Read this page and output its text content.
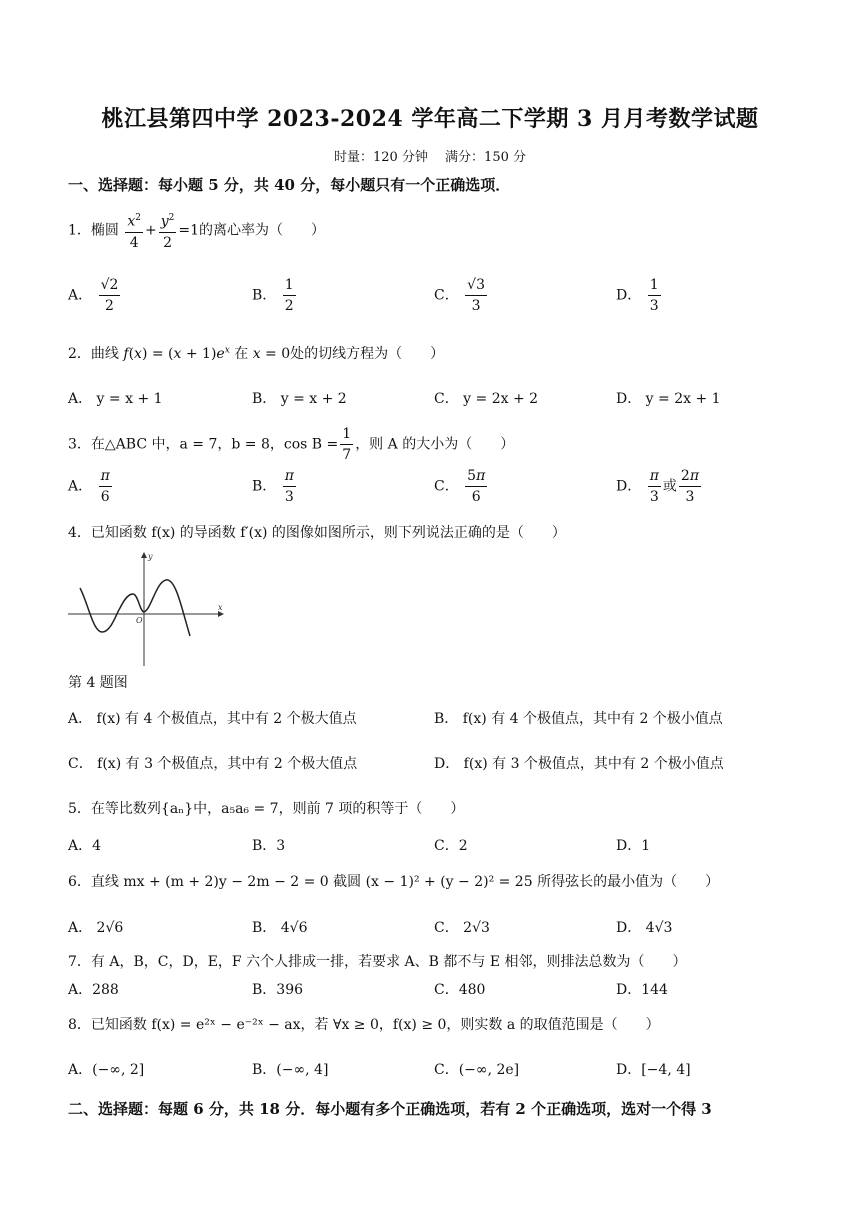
桃江县第四中学 2023-2024 学年高二下学期 3 月月考数学试题
时量：120 分钟　 满分：150 分
一、选择题：每小题 5 分，共 40 分，每小题只有一个正确选项．
1．椭圆 $\frac{x^2}{4} + \frac{y^2}{2} =1$的离心率为（　　）
A． $\frac{√2}{2}$	B． $\frac{1}{2}$	C． $\frac{√3}{3}$	D． $\frac{1}{3}$
2．曲线 $f(x) = (x + 1)e^x$ 在 x = 0处的切线方程为（　　）
A． y = x + 1	B． y = x + 2	C． y = 2x + 2	D． y = 2x + 1
3．在△ABC 中，a = 7，b = 8，$\cos B = \frac{1}{7}$ ，则 A 的大小为（　　）
A． $\frac{\pi}{6}$	B． $\frac{\pi}{3}$	C． $\frac{5\pi}{6}$	D． $\frac{\pi}{3}$ 或 $\frac{2\pi}{3}$
4．已知函数 f(x) 的导函数 f′(x) 的图像如图所示，则下列说法正确的是（　　）
y
x
O
第 4 题图
A． f(x) 有 4 个极值点，其中有 2 个极大值点	B． f(x) 有 4 个极值点，其中有 2 个极小值点
C． f(x) 有 3 个极值点，其中有 2 个极大值点	D． f(x) 有 3 个极值点，其中有 2 个极小值点
5．在等比数列{aₙ}中，a₅a₆ = 7，则前 7 项的积等于（　　）
A．4	B．3	C．2	D．1
6．直线 mx + (m + 2)y − 2m − 2 = 0 截圆 (x − 1)² + (y − 2)² = 25 所得弦长的最小值为（　　）
A． 2√6	B． 4√6	C． 2√3	D． 4√3
7．有 A，B，C，D，E，F 六个人排成一排，若要求 A、B 都不与 E 相邻，则排法总数为（　　）
A．288	B．396	C．480	D．144
8．已知函数 f(x) = e²ˣ − e⁻²ˣ − ax，若 ∀x ≥ 0，f(x) ≥ 0，则实数 a 的取值范围是（　　）
A．(−∞, 2]	B．(−∞, 4]	C．(−∞, 2e]	D．[−4, 4]
二、选择题：每题 6 分，共 18 分．每小题有多个正确选项，若有 2 个正确选项，选对一个得 3
